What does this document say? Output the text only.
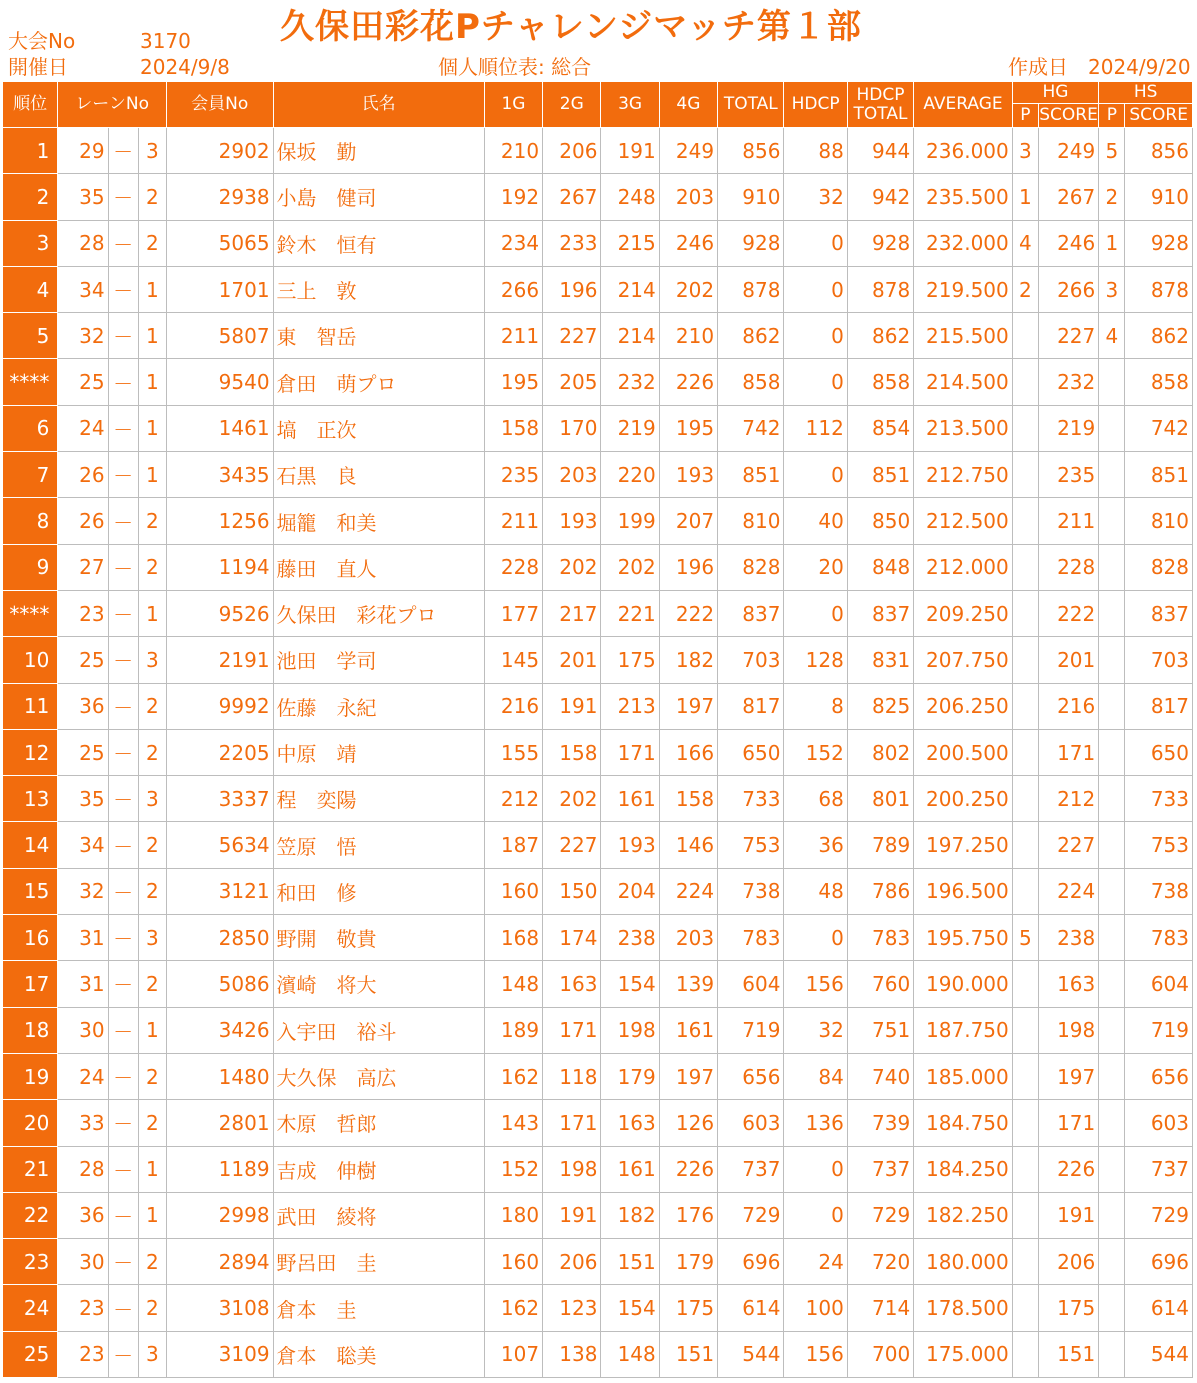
大会No	3170
開催日	2024/9/8
久保田彩花Pチャレンジマッチ第１部
個人順位表: 総合	作成日 2024/9/20
順位	レーンNo			会員No	氏名	1G	2G	3G	4G	TOTAL	HDCP	HDCP
TOTAL	AVERAGE	HG		HS	
														P	SCORE	P	SCORE
1	29	－	3	2902	保坂　勤	210	206	191	249	856	88	944	236.000	3	249	5	856
2	35	－	2	2938	小島　健司	192	267	248	203	910	32	942	235.500	1	267	2	910
3	28	－	2	5065	鈴木　恒有	234	233	215	246	928	0	928	232.000	4	246	1	928
4	34	－	1	1701	三上　敦	266	196	214	202	878	0	878	219.500	2	266	3	878
5	32	－	1	5807	東　智岳	211	227	214	210	862	0	862	215.500		227	4	862
****	25	－	1	9540	倉田　萌プロ	195	205	232	226	858	0	858	214.500		232		858
6	24	－	1	1461	塙　正次	158	170	219	195	742	112	854	213.500		219		742
7	26	－	1	3435	石黒　良	235	203	220	193	851	0	851	212.750		235		851
8	26	－	2	1256	堀籠　和美	211	193	199	207	810	40	850	212.500		211		810
9	27	－	2	1194	藤田　直人	228	202	202	196	828	20	848	212.000		228		828
****	23	－	1	9526	久保田　彩花プロ	177	217	221	222	837	0	837	209.250		222		837
10	25	－	3	2191	池田　学司	145	201	175	182	703	128	831	207.750		201		703
11	36	－	2	9992	佐藤　永紀	216	191	213	197	817	8	825	206.250		216		817
12	25	－	2	2205	中原　靖	155	158	171	166	650	152	802	200.500		171		650
13	35	－	3	3337	程　奕陽	212	202	161	158	733	68	801	200.250		212		733
14	34	－	2	5634	笠原　悟	187	227	193	146	753	36	789	197.250		227		753
15	32	－	2	3121	和田　修	160	150	204	224	738	48	786	196.500		224		738
16	31	－	3	2850	野開　敬貴	168	174	238	203	783	0	783	195.750	5	238		783
17	31	－	2	5086	濱崎　将大	148	163	154	139	604	156	760	190.000		163		604
18	30	－	1	3426	入宇田　裕斗	189	171	198	161	719	32	751	187.750		198		719
19	24	－	2	1480	大久保　高広	162	118	179	197	656	84	740	185.000		197		656
20	33	－	2	2801	木原　哲郎	143	171	163	126	603	136	739	184.750		171		603
21	28	－	1	1189	吉成　伸樹	152	198	161	226	737	0	737	184.250		226		737
22	36	－	1	2998	武田　綾将	180	191	182	176	729	0	729	182.250		191		729
23	30	－	2	2894	野呂田　圭	160	206	151	179	696	24	720	180.000		206		696
24	23	－	2	3108	倉本　圭	162	123	154	175	614	100	714	178.500		175		614
25	23	－	3	3109	倉本　聡美	107	138	148	151	544	156	700	175.000		151		544
